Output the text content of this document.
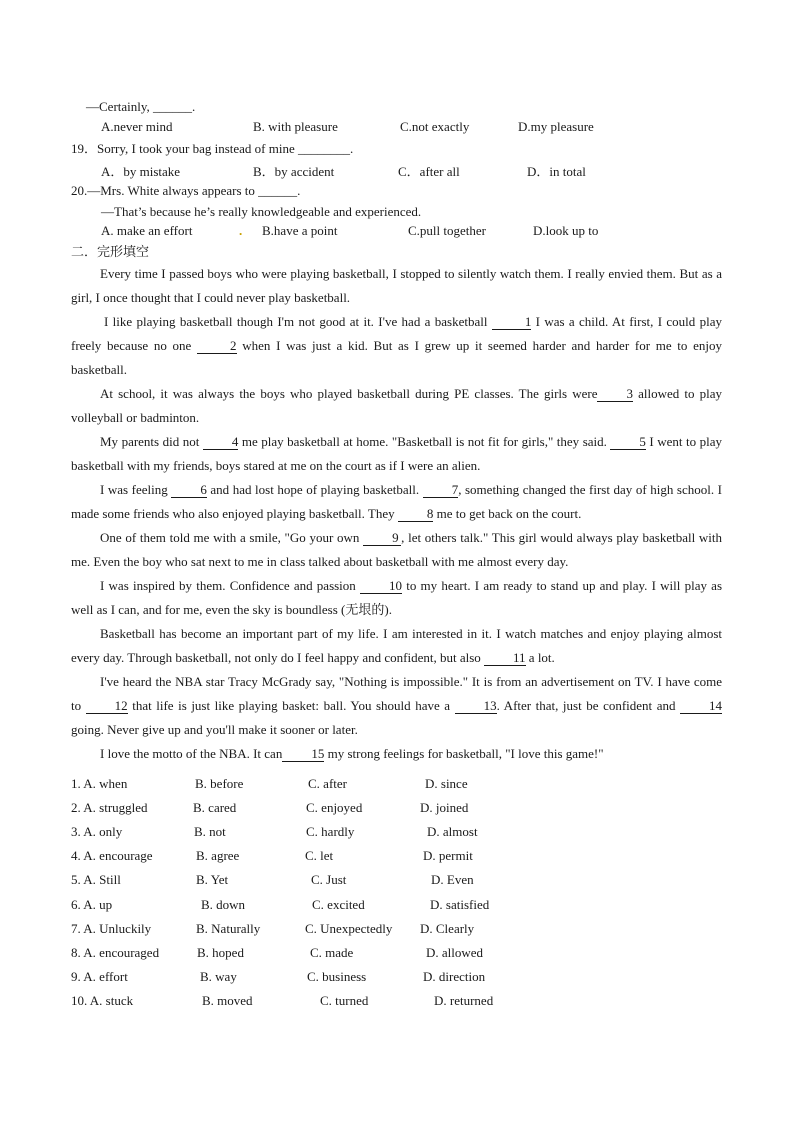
—Certainly, ______.
A.never mind	B. with pleasure	C.not exactly	D.my pleasure
19．Sorry, I took your bag instead of mine ________.
A．by mistake	B．by accident	C．after all	D．in total
20.—Mrs. White always appears to ______.
—That’s because he’s really knowledgeable and experienced.
A. make an effort	. B.have a point	C.pull together	D.look up to
二．完形填空

Every time I passed boys who were playing basketball, I stopped to silently watch them. I really envied them. But as a girl, I once thought that I could never play basketball.

I like playing basketball though I'm not good at it. I've had a basketball	1 I was a child. At first, I could play freely because no one	2 when I was just a kid. But as I grew up it seemed harder and harder for me to enjoy basketball.

At school, it was always the boys who played basketball during PE classes. The girls were 3 allowed to play volleyball or badminton.

My parents did not	4 me play basketball at home. "Basketball is not fit for girls," they said.	5 I went to play basketball with my friends, boys stared at me on the court as if I were an alien.

I was feeling	6 and had lost hope of playing basketball.	7, something changed the first day of high school. I made some friends who also enjoyed playing basketball. They 8 me to get back on the court.

One of them told me with a smile, "Go your own	9 , let others talk." This girl would always play basketball with me. Even the boy who sat next to me in class talked about basketball with me almost every day.

I was inspired by them. Confidence and passion	10 to my heart. I am ready to stand up and play. I will play as well as I can, and for me, even the sky is boundless (无垠的).

Basketball has become an important part of my life. I am interested in it. I watch matches and enjoy playing almost every day. Through basketball, not only do I feel happy and confident, but also 11 a lot.

I've heard the NBA star Tracy McGrady say, "Nothing is impossible." It is from an advertisement on TV. I have come to	12 that life is just like playing basket: ball. You should have a	13. After that, just be confident and	14 going. Never give up and you'll make it sooner or later.

I love the motto of the NBA. It can 15 my strong feelings for basketball, "I love this game!"

1. A. when	B. before	C. after	D. since
2. A. struggled	B. cared	C. enjoyed	D. joined
3. A. only	B. not	C. hardly	D. almost
4. A. encourage	B. agree	C. let	D. permit
5. A. Still	B. Yet	C. Just	D. Even
6. A. up	B. down	C. excited	D. satisfied
7. A. Unluckily	B. Naturally	C. Unexpectedly D. Clearly
8. A. encouraged	B. hoped	C. made	D. allowed
9. A. effort	B. way	C. business	D. direction
10. A. stuck	B. moved	C. turned	D. returned
